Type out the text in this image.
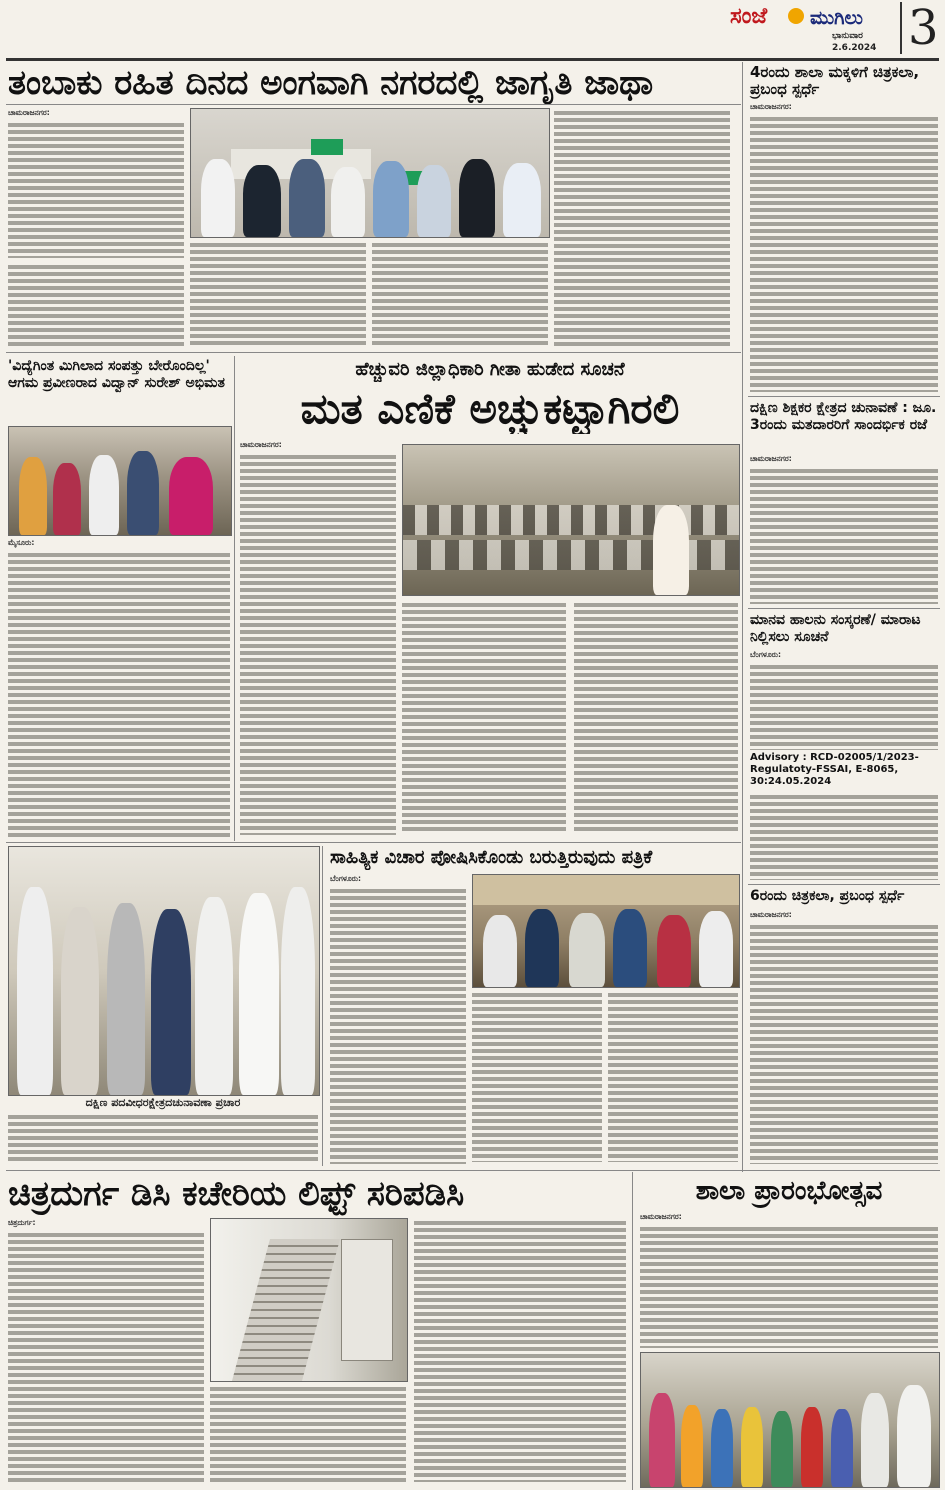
ಸಂಜೆ ಮುಗಿಲು
ಭಾನುವಾರ
2.6.2024 3
ತಂಬಾಕು ರಹಿತ ದಿನದ ಅಂಗವಾಗಿ ನಗರದಲ್ಲಿ ಜಾಗೃತಿ ಜಾಥಾ
ಚಾಮರಾಜನಗರ:
4ರಂದು ಶಾಲಾ ಮಕ್ಕಳಿಗೆ ಚಿತ್ರಕಲಾ, ಪ್ರಬಂಧ ಸ್ಪರ್ಧೆ
ಚಾಮರಾಜನಗರ:
ದಕ್ಷಿಣ ಶಿಕ್ಷಕರ ಕ್ಷೇತ್ರದ ಚುನಾವಣೆ : ಜೂ. 3ರಂದು ಮತದಾರರಿಗೆ ಸಾಂದರ್ಭಿಕ ರಜೆ
ಚಾಮರಾಜನಗರ:
ಮಾನವ ಹಾಲನು ಸಂಸ್ಕರಣೆ/ ಮಾರಾಟ ನಿಲ್ಲಿಸಲು ಸೂಚನೆ
ಬೆಂಗಳೂರು:
Advisory : RCD-02005/1/2023-Regulatoty-FSSAI, E-8065, 30:24.05.2024
6ರಂದು ಚಿತ್ರಕಲಾ, ಪ್ರಬಂಧ ಸ್ಪರ್ಧೆ
ಚಾಮರಾಜನಗರ:
'ವಿದ್ಯೆಗಿಂತ ಮಿಗಿಲಾದ ಸಂಪತ್ತು ಬೇರೊಂದಿಲ್ಲ' ಆಗಮ ಪ್ರವೀಣರಾದ ವಿದ್ವಾನ್ ಸುರೇಶ್ ಅಭಿಮತ
ಮೈಸೂರು:
ಹೆಚ್ಚುವರಿ ಜಿಲ್ಲಾಧಿಕಾರಿ ಗೀತಾ ಹುಡೇದ ಸೂಚನೆ
ಮತ ಎಣಿಕೆ ಅಚ್ಚುಕಟ್ಟಾಗಿರಲಿ
ಚಾಮರಾಜನಗರ:
ದಕ್ಷಿಣ ಪದವೀಧರಕ್ಷೇತ್ರದಚುನಾವಣಾ ಪ್ರಚಾರ
ಸಾಹಿತ್ಯಿಕ ವಿಚಾರ ಪೋಷಿಸಿಕೊಂಡು ಬರುತ್ತಿರುವುದು ಪತ್ರಿಕೆ
ಬೆಂಗಳೂರು:
ಚಿತ್ರದುರ್ಗ ಡಿಸಿ ಕಚೇರಿಯ ಲಿಫ್ಟ್ ಸರಿಪಡಿಸಿ
ಚಿತ್ರದುರ್ಗ:
ಶಾಲಾ ಪ್ರಾರಂಭೋತ್ಸವ
ಚಾಮರಾಜನಗರ:
